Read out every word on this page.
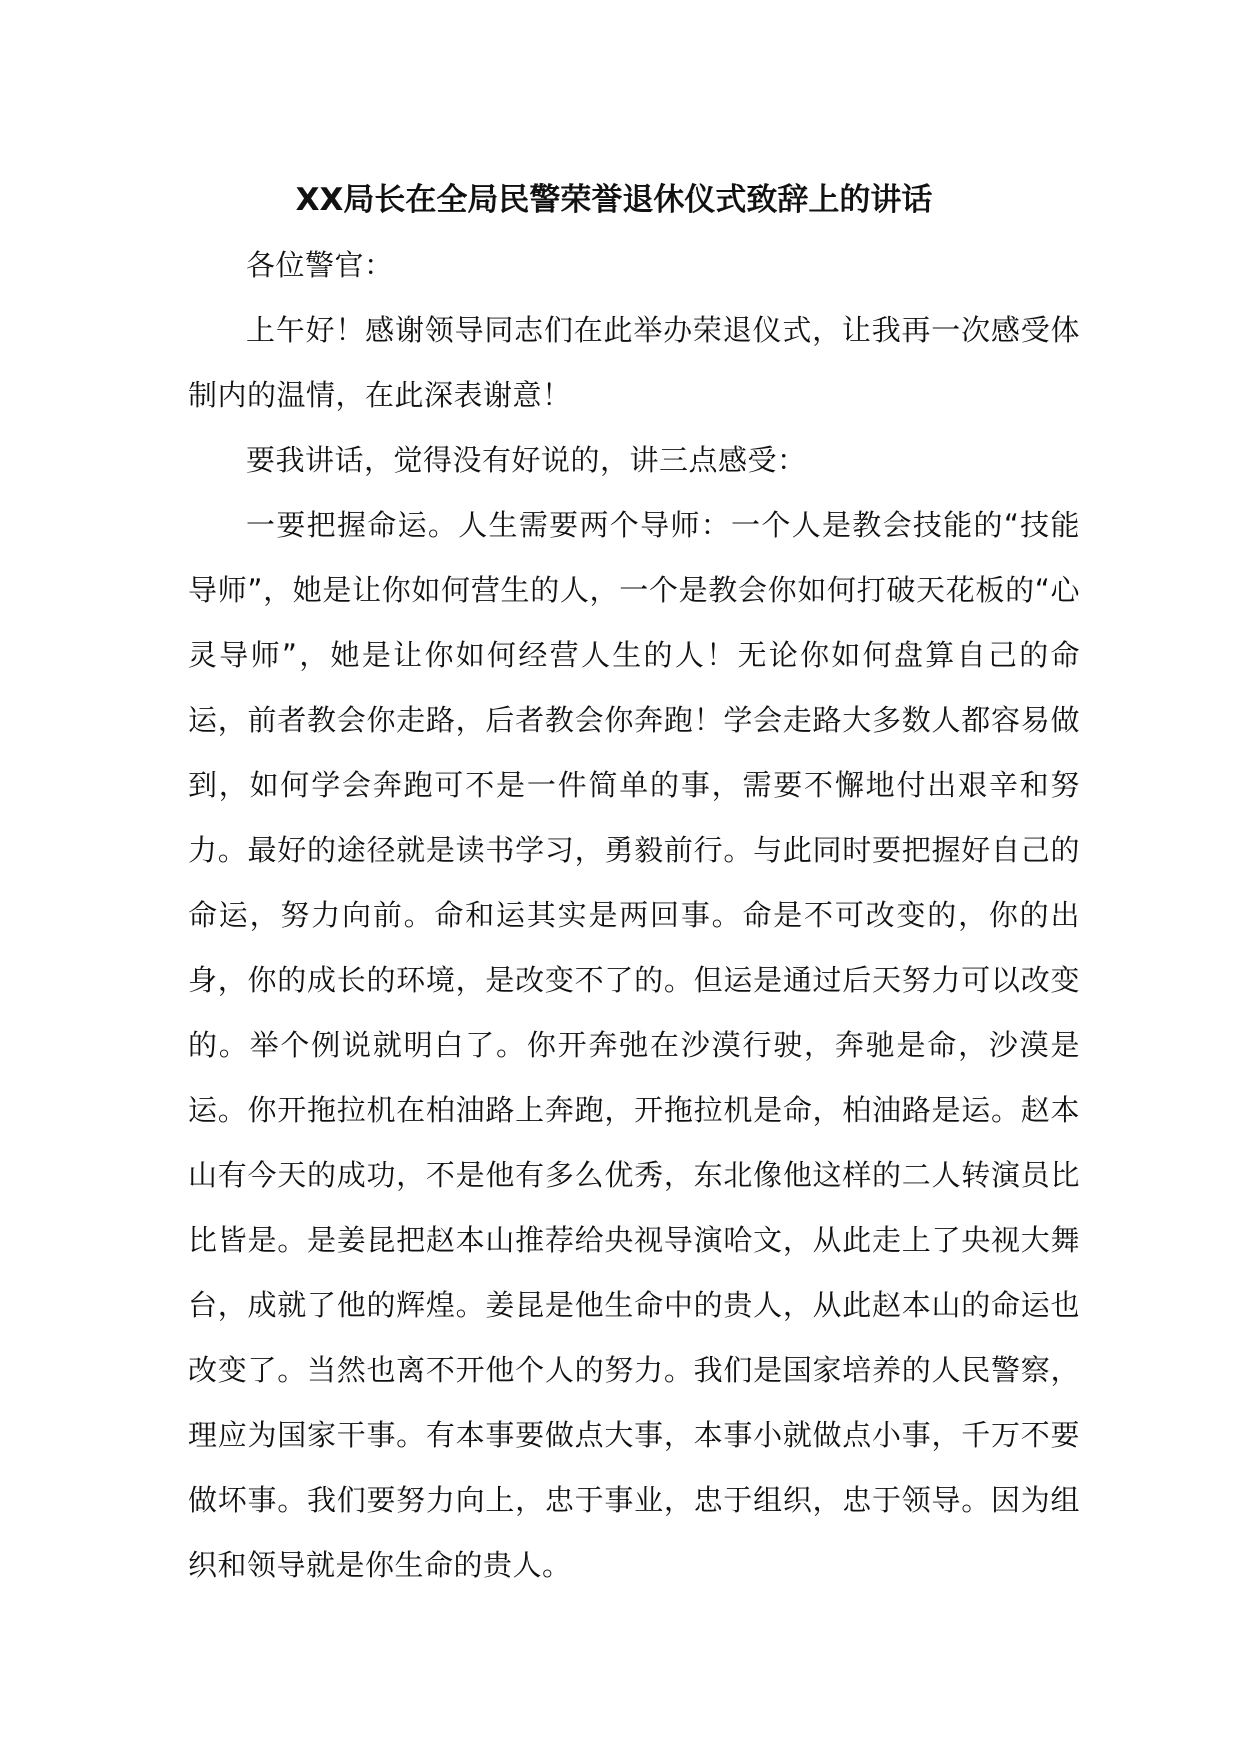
XX局长在全局民警荣誉退休仪式致辞上的讲话

各位警官：

上午好！感谢领导同志们在此举办荣退仪式，让我再一次感受体制内的温情，在此深表谢意！

要我讲话，觉得没有好说的，讲三点感受：

一要把握命运。人生需要两个导师：一个人是教会技能的“技能导师”，她是让你如何营生的人，一个是教会你如何打破天花板的“心灵导师”，她是让你如何经营人生的人！无论你如何盘算自己的命运，前者教会你走路，后者教会你奔跑！学会走路大多数人都容易做到，如何学会奔跑可不是一件简单的事，需要不懈地付出艰辛和努力。最好的途径就是读书学习，勇毅前行。与此同时要把握好自己的命运，努力向前。命和运其实是两回事。命是不可改变的，你的出身，你的成长的环境，是改变不了的。但运是通过后天努力可以改变的。举个例说就明白了。你开奔弛在沙漠行驶，奔驰是命，沙漠是运。你开拖拉机在柏油路上奔跑，开拖拉机是命，柏油路是运。赵本山有今天的成功，不是他有多么优秀，东北像他这样的二人转演员比比皆是。是姜昆把赵本山推荐给央视导演哈文，从此走上了央视大舞台，成就了他的辉煌。姜昆是他生命中的贵人，从此赵本山的命运也改变了。当然也离不开他个人的努力。我们是国家培养的人民警察，理应为国家干事。有本事要做点大事，本事小就做点小事，千万不要做坏事。我们要努力向上，忠于事业，忠于组织，忠于领导。因为组织和领导就是你生命的贵人。
